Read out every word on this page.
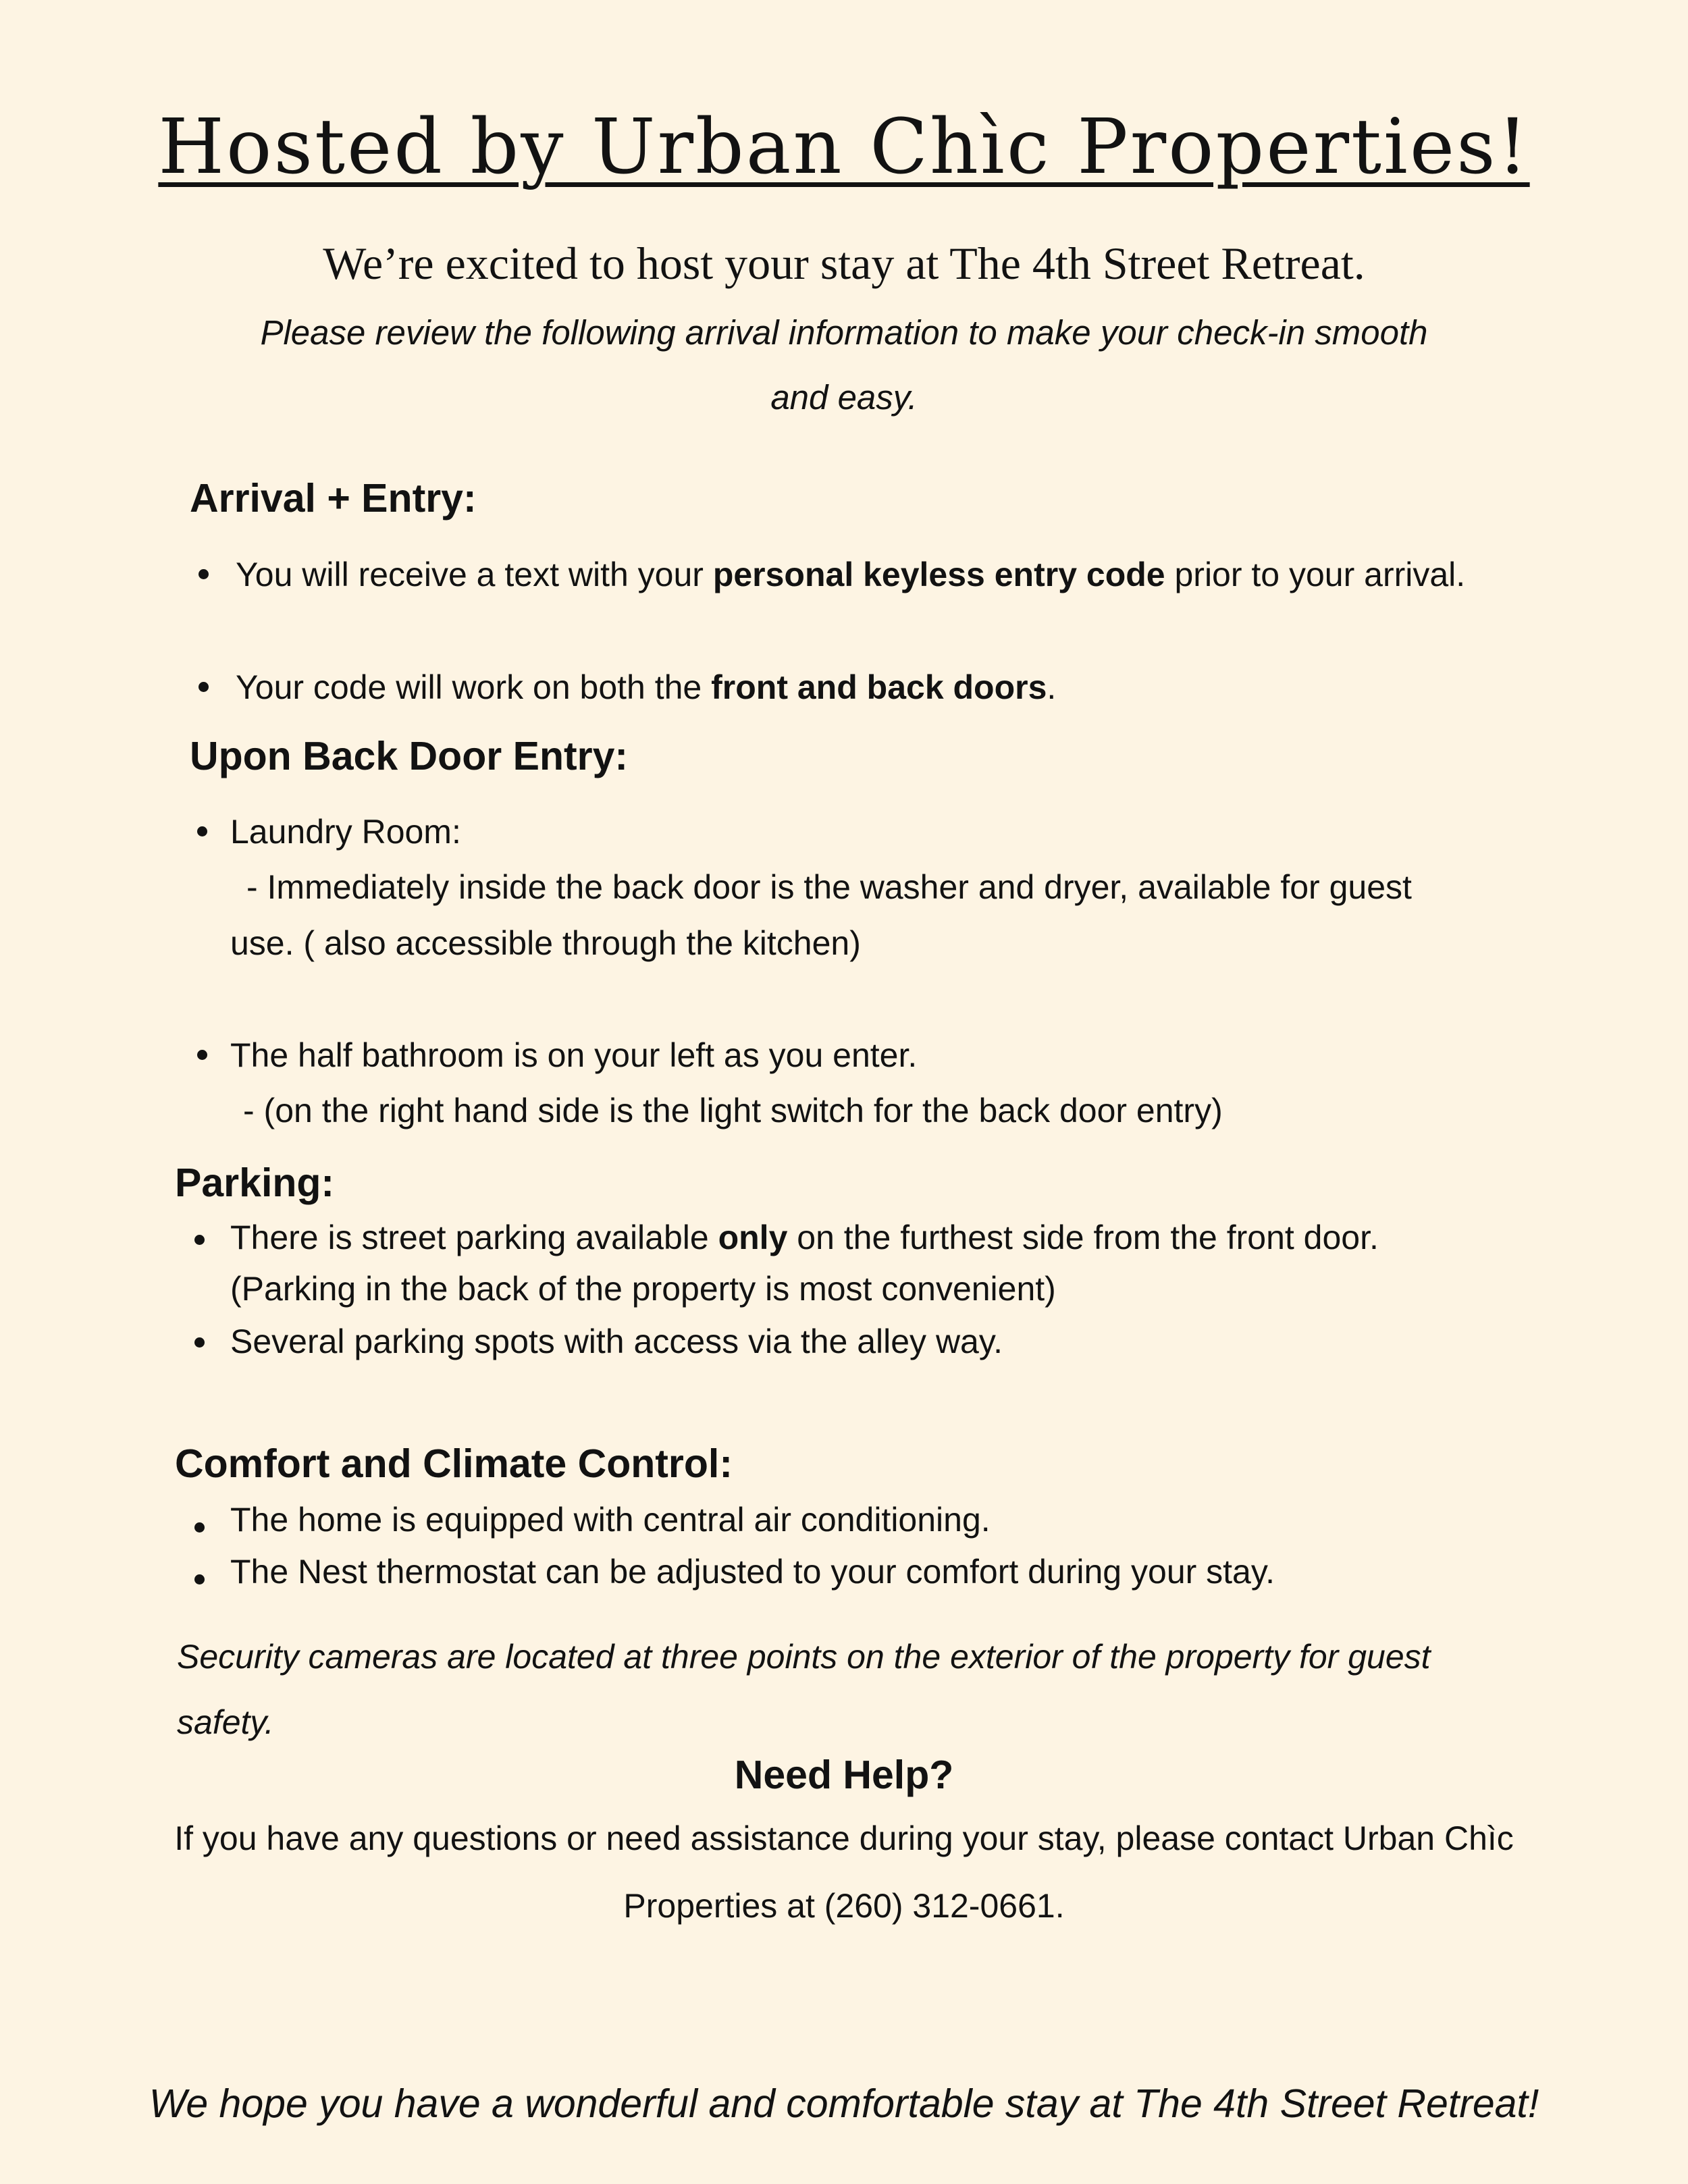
Hosted by Urban Chìc Properties!
We’re excited to host your stay at The 4th Street Retreat.
Please review the following arrival information to make your check-in smooth and easy.
Arrival + Entry:
You will receive a text with your personal keyless entry code prior to your arrival.
Your code will work on both the front and back doors.
Upon Back Door Entry:
Laundry Room:
- Immediately inside the back door is the washer and dryer, available for guest
use. ( also accessible through the kitchen)
The half bathroom is on your left as you enter.
- (on the right hand side is the light switch for the back door entry)
Parking:
There is street parking available only on the furthest side from the front door.
(Parking in the back of the property is most convenient)
Several parking spots with access via the alley way.
Comfort and Climate Control:
The home is equipped with central air conditioning.
The Nest thermostat can be adjusted to your comfort during your stay.
Security cameras are located at three points on the exterior of the property for guest safety.
Need Help?
If you have any questions or need assistance during your stay, please contact Urban Chìc Properties at (260) 312-0661.
We hope you have a wonderful and comfortable stay at The 4th Street Retreat!
